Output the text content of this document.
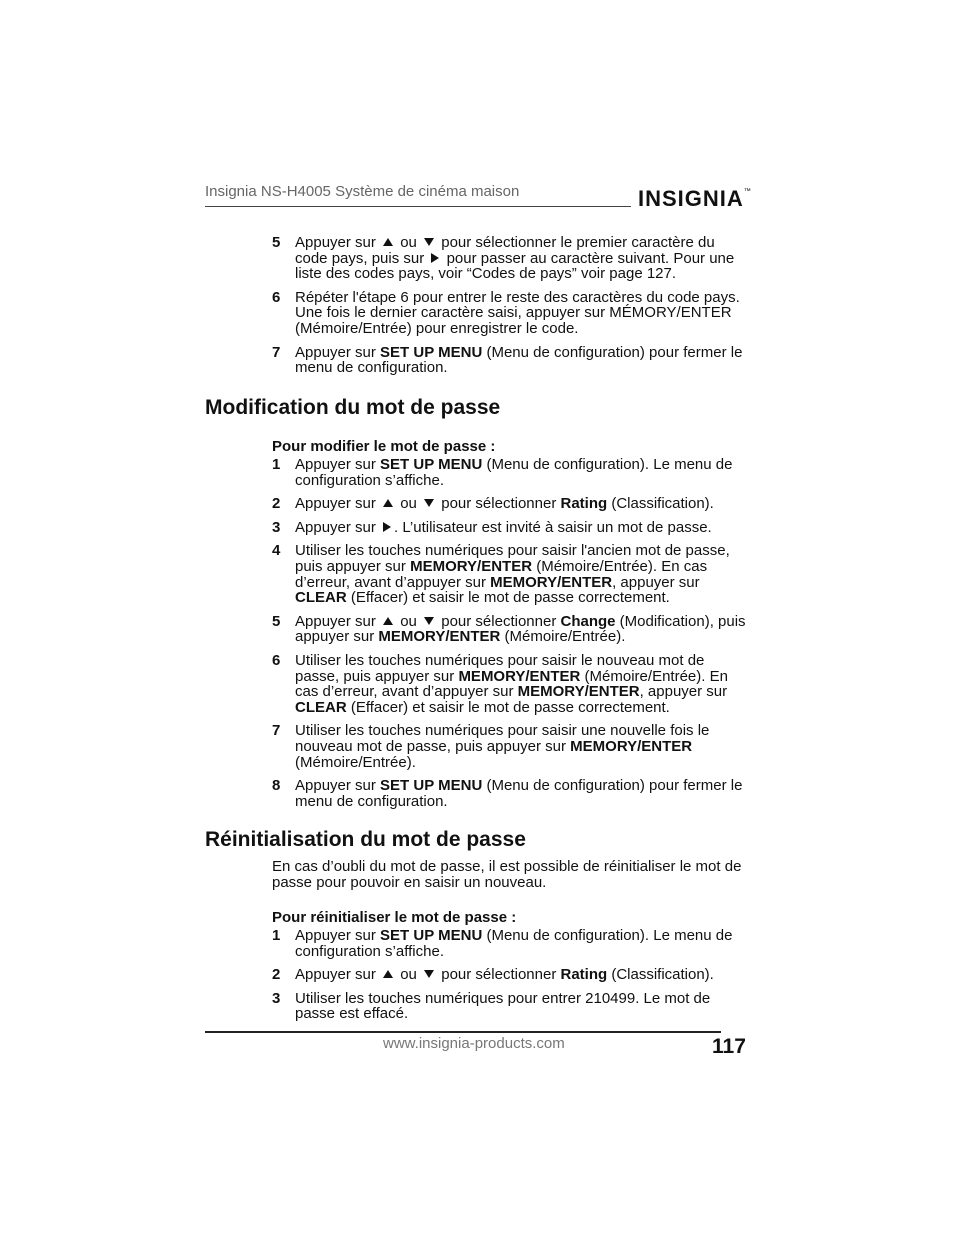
Insignia NS-H4005 Système de cinéma maison	INSIGNIA™
5 Appuyer sur  ou  pour sélectionner le premier caractère du code pays, puis sur  pour passer au caractère suivant. Pour une liste des codes pays, voir “Codes de pays” voir page 127.
6 Répéter l'étape 6 pour entrer le reste des caractères du code pays. Une fois le dernier caractère saisi, appuyer sur MÉMORY/ENTER (Mémoire/Entrée) pour enregistrer le code.
7 Appuyer sur SET UP MENU (Menu de configuration) pour fermer le menu de configuration.
Modification du mot de passe
Pour modifier le mot de passe :
1 Appuyer sur SET UP MENU (Menu de configuration). Le menu de configuration s’affiche.
2 Appuyer sur  ou  pour sélectionner Rating (Classification).
3 Appuyer sur . L’utilisateur est invité à saisir un mot de passe.
4 Utiliser les touches numériques pour saisir l'ancien mot de passe, puis appuyer sur MEMORY/ENTER (Mémoire/Entrée). En cas d’erreur, avant d’appuyer sur MEMORY/ENTER, appuyer sur CLEAR (Effacer) et saisir le mot de passe correctement.
5 Appuyer sur  ou  pour sélectionner Change (Modification), puis appuyer sur MEMORY/ENTER (Mémoire/Entrée).
6 Utiliser les touches numériques pour saisir le nouveau mot de passe, puis appuyer sur MEMORY/ENTER (Mémoire/Entrée). En cas d’erreur, avant d’appuyer sur MEMORY/ENTER, appuyer sur CLEAR (Effacer) et saisir le mot de passe correctement.
7 Utiliser les touches numériques pour saisir une nouvelle fois le nouveau mot de passe, puis appuyer sur MEMORY/ENTER (Mémoire/Entrée).
8 Appuyer sur SET UP MENU (Menu de configuration) pour fermer le menu de configuration.
Réinitialisation du mot de passe
En cas d’oubli du mot de passe, il est possible de réinitialiser le mot de passe pour pouvoir en saisir un nouveau.
Pour réinitialiser le mot de passe :
1 Appuyer sur SET UP MENU (Menu de configuration). Le menu de configuration s’affiche.
2 Appuyer sur  ou  pour sélectionner Rating (Classification).
3 Utiliser les touches numériques pour entrer 210499. Le mot de passe est effacé.
www.insignia-products.com	117
